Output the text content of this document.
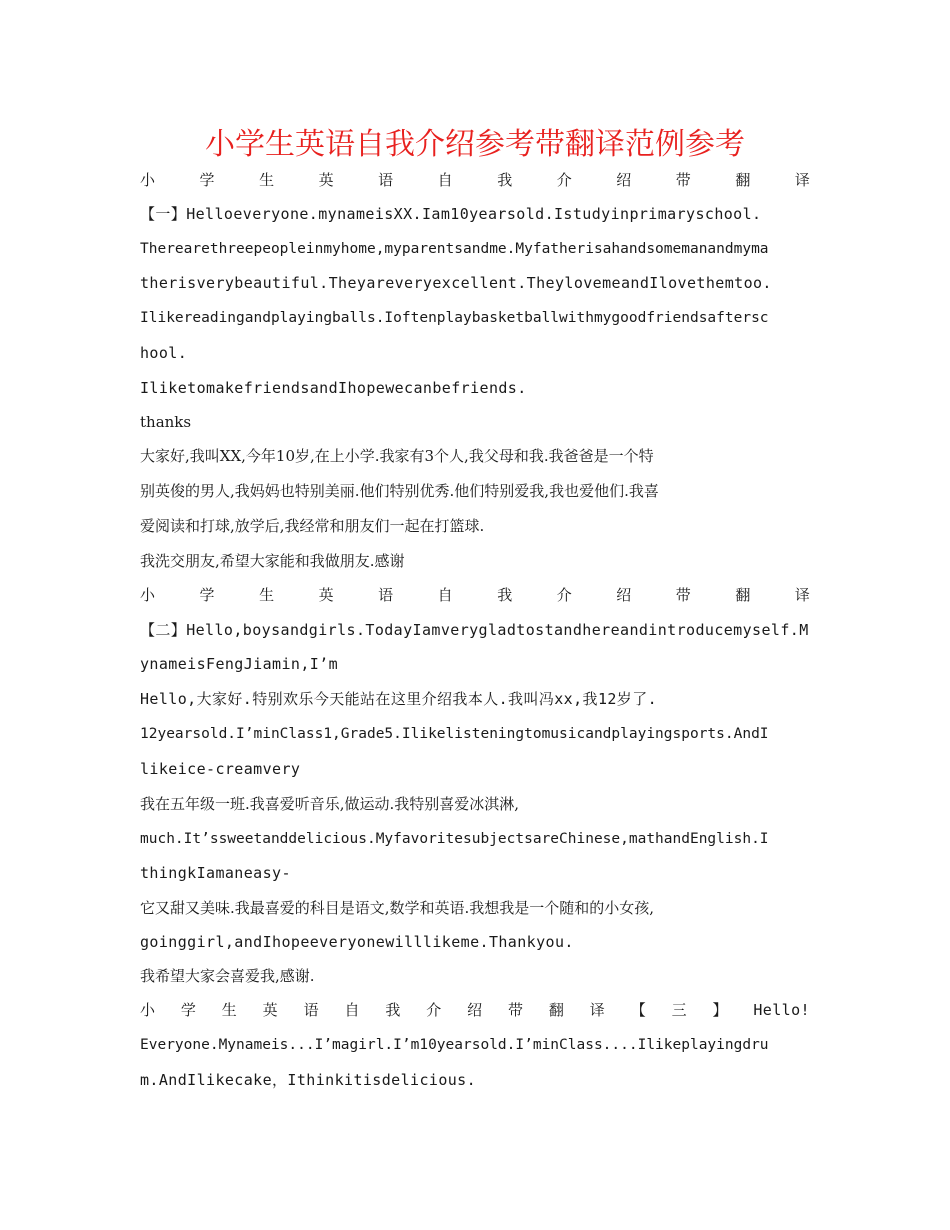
小学生英语自我介绍参考带翻译范例参考
小	学	生	英	语	自	我	介	绍	带	翻	译

【一】Helloeveryone.mynameisXX.Iam10yearsold.Istudyinprimaryschool.

Therearethreepeopleinmyhome,myparentsandme.Myfatherisahandsomemanandmyma

therisverybeautiful.Theyareveryexcellent.TheylovemeandIlovethemtoo.

Ilikereadingandplayingballs.Ioftenplaybasketballwithmygoodfriendsaftersc

hool.

IliketomakefriendsandIhopewecanbefriends.

thanks

大家好,我叫XX,今年10岁,在上小学.我家有3个人,我父母和我.我爸爸是一个特

别英俊的男人,我妈妈也特别美丽.他们特别优秀.他们特别爱我,我也爱他们.我喜

爱阅读和打球,放学后,我经常和朋友们一起在打篮球.

我洗交朋友,希望大家能和我做朋友.感谢

小	学	生	英	语	自	我	介	绍	带	翻	译

【二】Hello,boysandgirls.TodayIamverygladtostandhereandintroducemyself.M

ynameisFengJiamin,I’m

Hello,大家好.特别欢乐今天能站在这里介绍我本人.我叫冯xx,我12岁了.

12yearsold.I’minClass1,Grade5.Ilikelisteningtomusicandplayingsports.AndI

likeice-creamvery

我在五年级一班.我喜爱听音乐,做运动.我特别喜爱冰淇淋,

much.It’ssweetanddelicious.MyfavoritesubjectsareChinese,mathandEnglish.I

thingkIamaneasy-

它又甜又美味.我最喜爱的科目是语文,数学和英语.我想我是一个随和的小女孩,

goinggirl,andIhopeeveryonewilllikeme.Thankyou.

我希望大家会喜爱我,感谢.

小 学 生 英 语 自 我 介 绍 带 翻 译 【 三 】 Hello!

Everyone.Mynameis...I’magirl.I’m10yearsold.I’minClass....Ilikeplayingdru

m.AndIlikecake，Ithinkitisdelicious.
